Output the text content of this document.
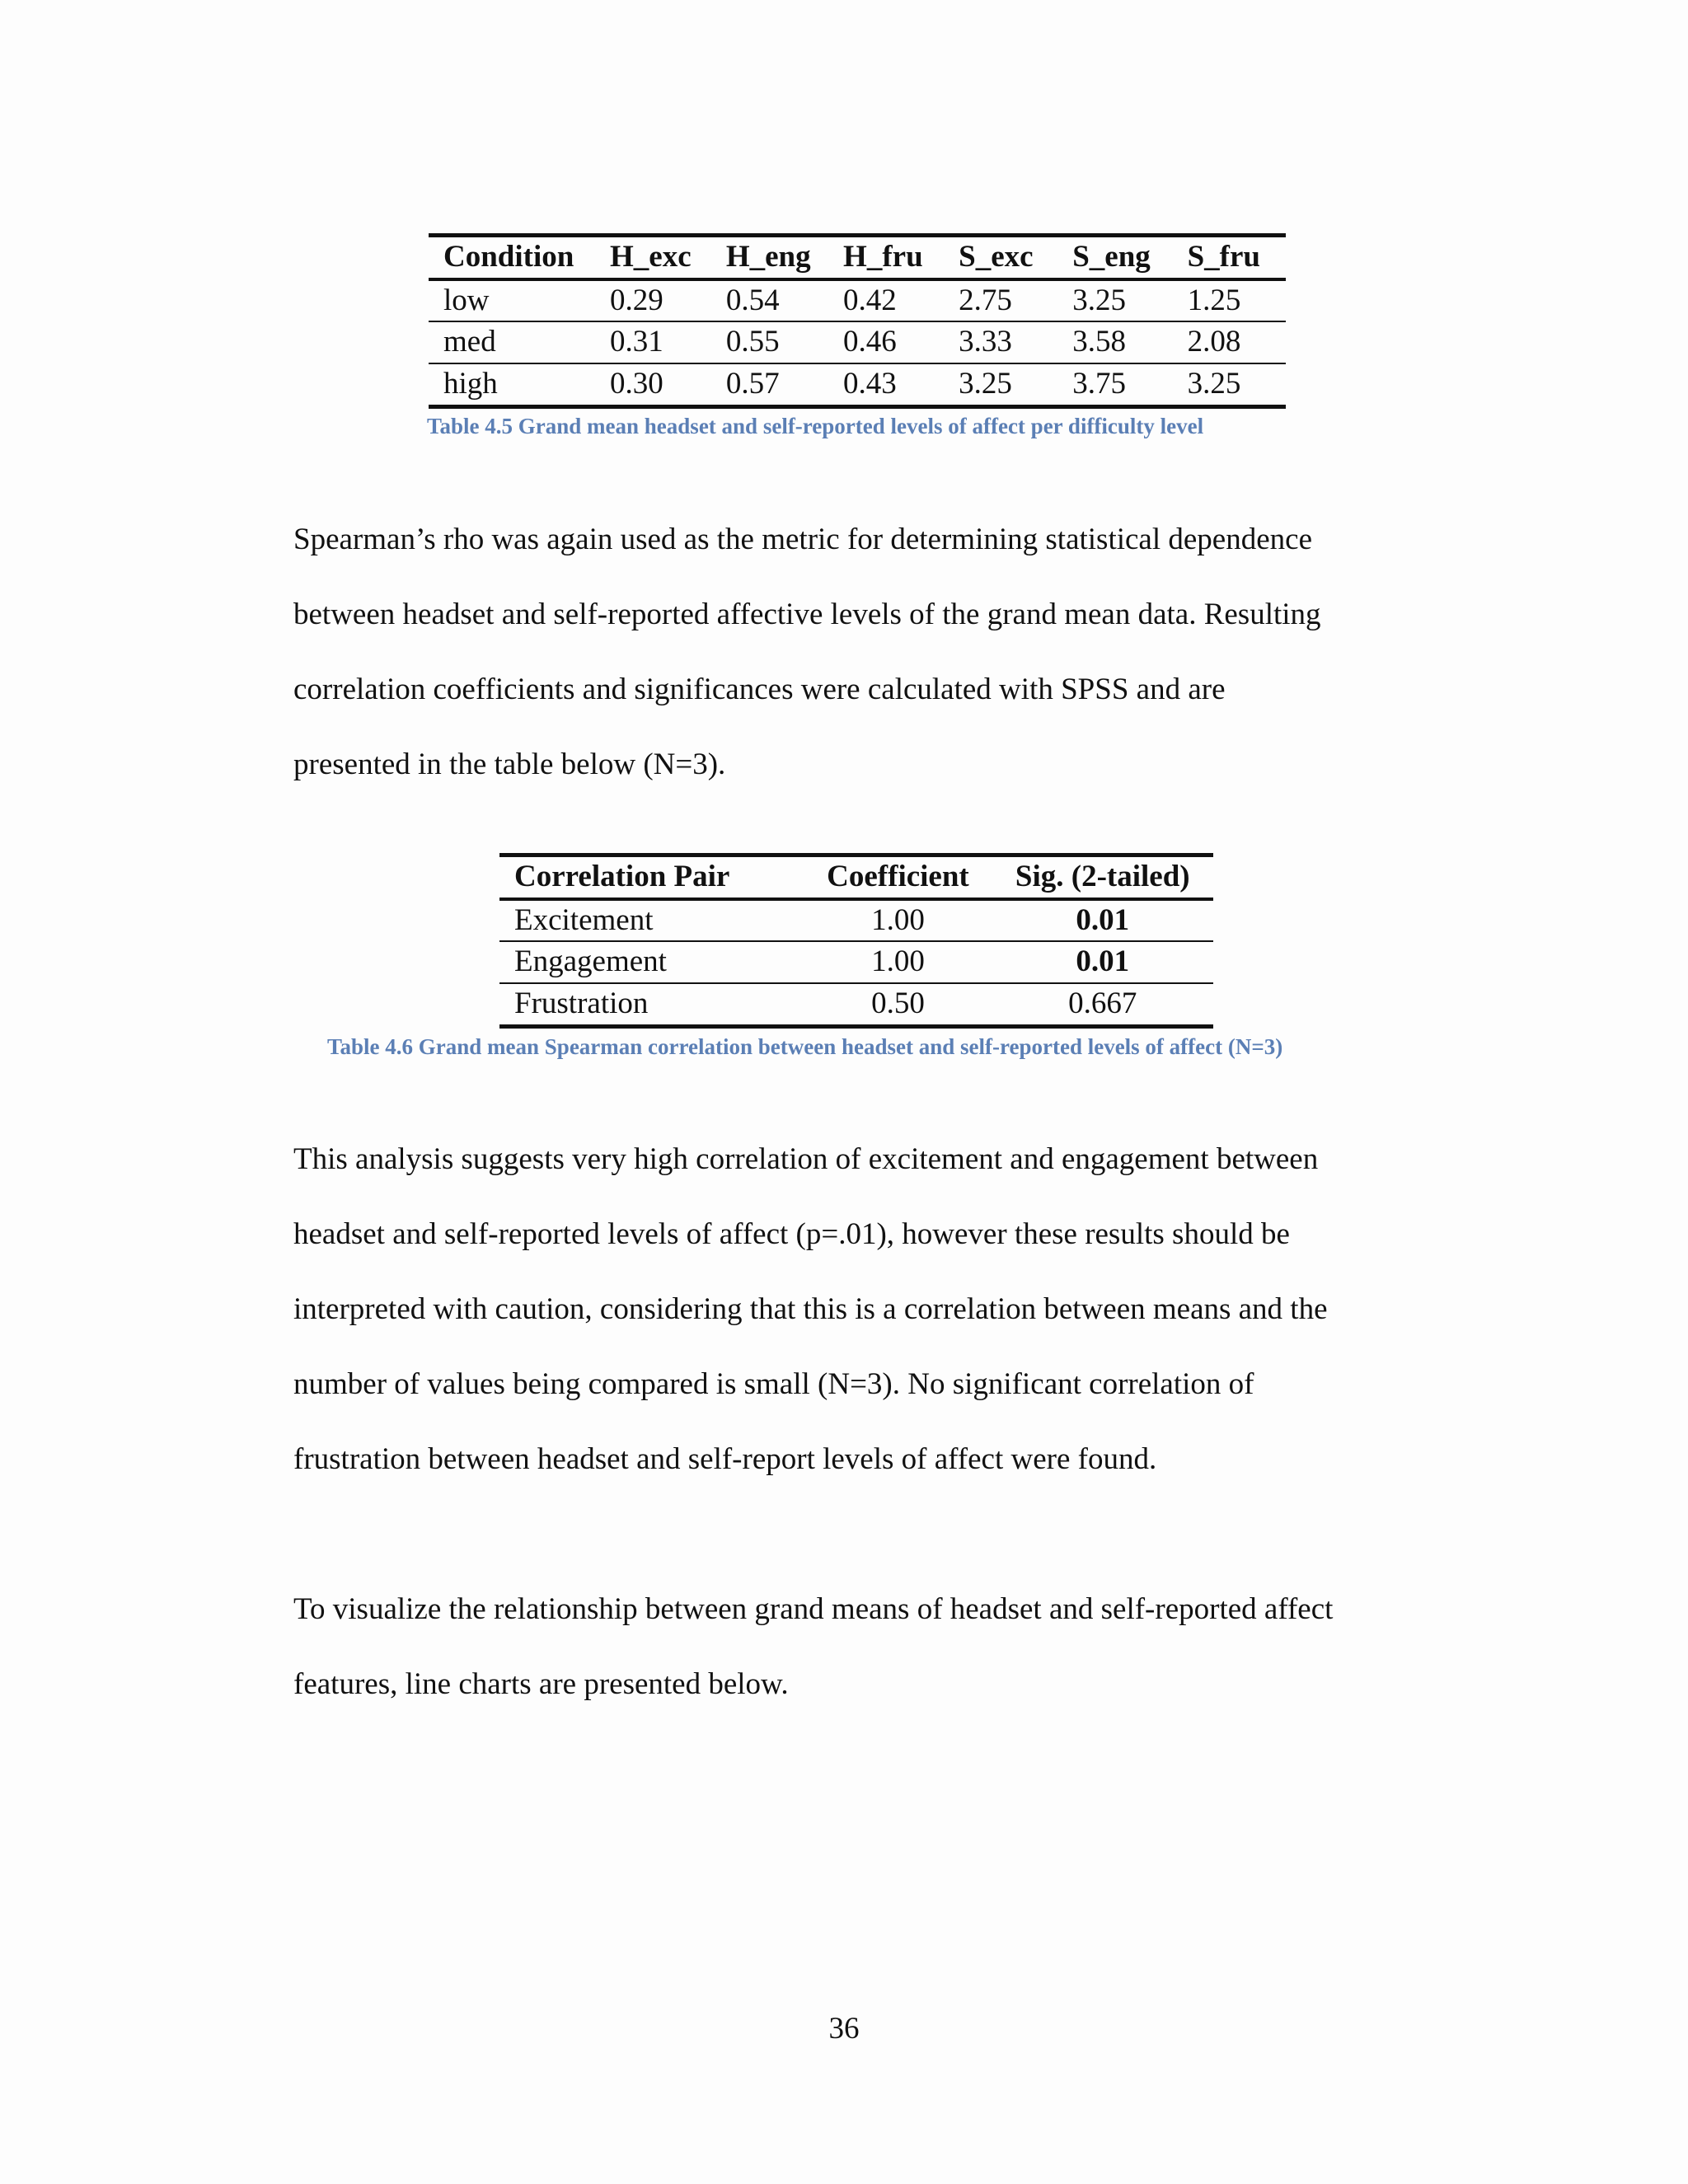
Condition	H_exc	H_eng	H_fru	S_exc	S_eng	S_fru
low	0.29	0.54	0.42	2.75	3.25	1.25
med	0.31	0.55	0.46	3.33	3.58	2.08
high	0.30	0.57	0.43	3.25	3.75	3.25
Table 4.5 Grand mean headset and self-reported levels of affect per difficulty level

Spearman’s rho was again used as the metric for determining statistical dependence

between headset and self-reported affective levels of the grand mean data. Resulting

correlation coefficients and significances were calculated with SPSS and are

presented in the table below (N=3).

Correlation Pair	Coefficient	Sig. (2-tailed)
Excitement	1.00	0.01
Engagement	1.00	0.01
Frustration	0.50	0.667
Table 4.6 Grand mean Spearman correlation between headset and self-reported levels of affect (N=3)

This analysis suggests very high correlation of excitement and engagement between

headset and self-reported levels of affect (p=.01), however these results should be

interpreted with caution, considering that this is a correlation between means and the

number of values being compared is small (N=3). No significant correlation of

frustration between headset and self-report levels of affect were found.

To visualize the relationship between grand means of headset and self-reported affect

features, line charts are presented below.

36
